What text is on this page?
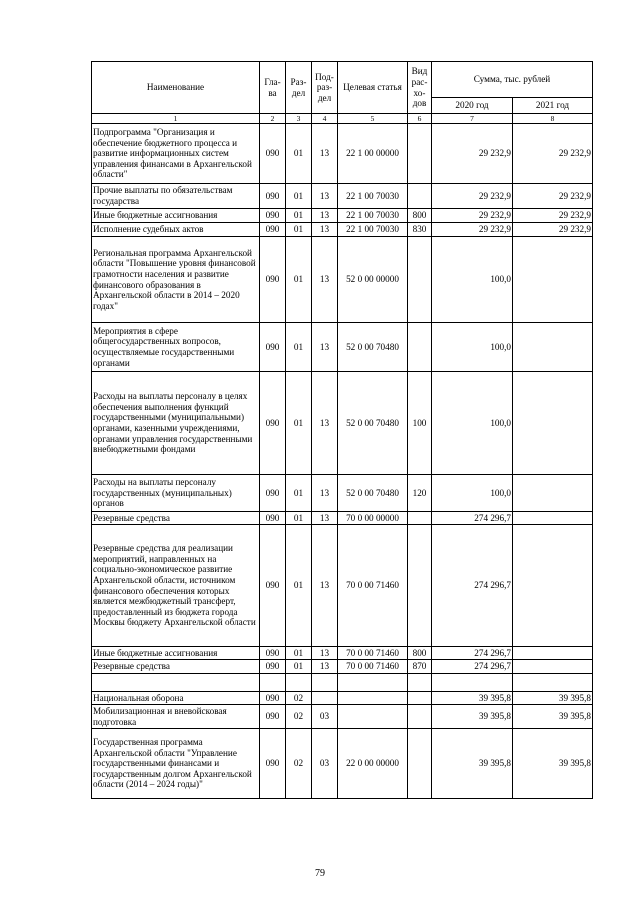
Наименование	Гла-ва	Раз-дел	Под-раз-дел	Целевая статья	Вид рас-хо-дов	Сумма, тыс. рублей	
						2020 год	2021 год
1	2	3	4	5	6	7	8
Подпрограмма "Организация и обеспечение бюджетного процесса и развитие информационных систем управления финансами в Архангельской области"	090	01	13	22 1 00 00000		29 232,9	29 232,9
Прочие выплаты по обязательствам государства	090	01	13	22 1 00 70030		29 232,9	29 232,9
Иные бюджетные ассигнования	090	01	13	22 1 00 70030	800	29 232,9	29 232,9
Исполнение судебных актов	090	01	13	22 1 00 70030	830	29 232,9	29 232,9
Региональная программа Архангельской области "Повышение уровня финансовой грамотности населения и развитие финансового образования в Архангельской области в 2014 – 2020 годах"	090	01	13	52 0 00 00000		100,0	
Мероприятия в сфере общегосударственных вопросов, осуществляемые государственными органами	090	01	13	52 0 00 70480		100,0	
Расходы на выплаты персоналу в целях обеспечения выполнения функций государственными (муниципальными) органами, казенными учреждениями, органами управления государственными внебюджетными фондами	090	01	13	52 0 00 70480	100	100,0	
Расходы на выплаты персоналу государственных (муниципальных) органов	090	01	13	52 0 00 70480	120	100,0	
Резервные средства	090	01	13	70 0 00 00000		274 296,7	
Резервные средства для реализации мероприятий, направленных на социально-экономическое развитие Архангельской области, источником финансового обеспечения которых является межбюджетный трансферт, предоставленный из бюджета города Москвы бюджету Архангельской области	090	01	13	70 0 00 71460		274 296,7	
Иные бюджетные ассигнования	090	01	13	70 0 00 71460	800	274 296,7	
Резервные средства	090	01	13	70 0 00 71460	870	274 296,7	

Национальная оборона	090	02				39 395,8	39 395,8
Мобилизационная и вневойсковая подготовка	090	02	03			39 395,8	39 395,8
Государственная программа Архангельской области "Управление государственными финансами и государственным долгом Архангельской области (2014 – 2024 годы)"	090	02	03	22 0 00 00000		39 395,8	39 395,8
79
